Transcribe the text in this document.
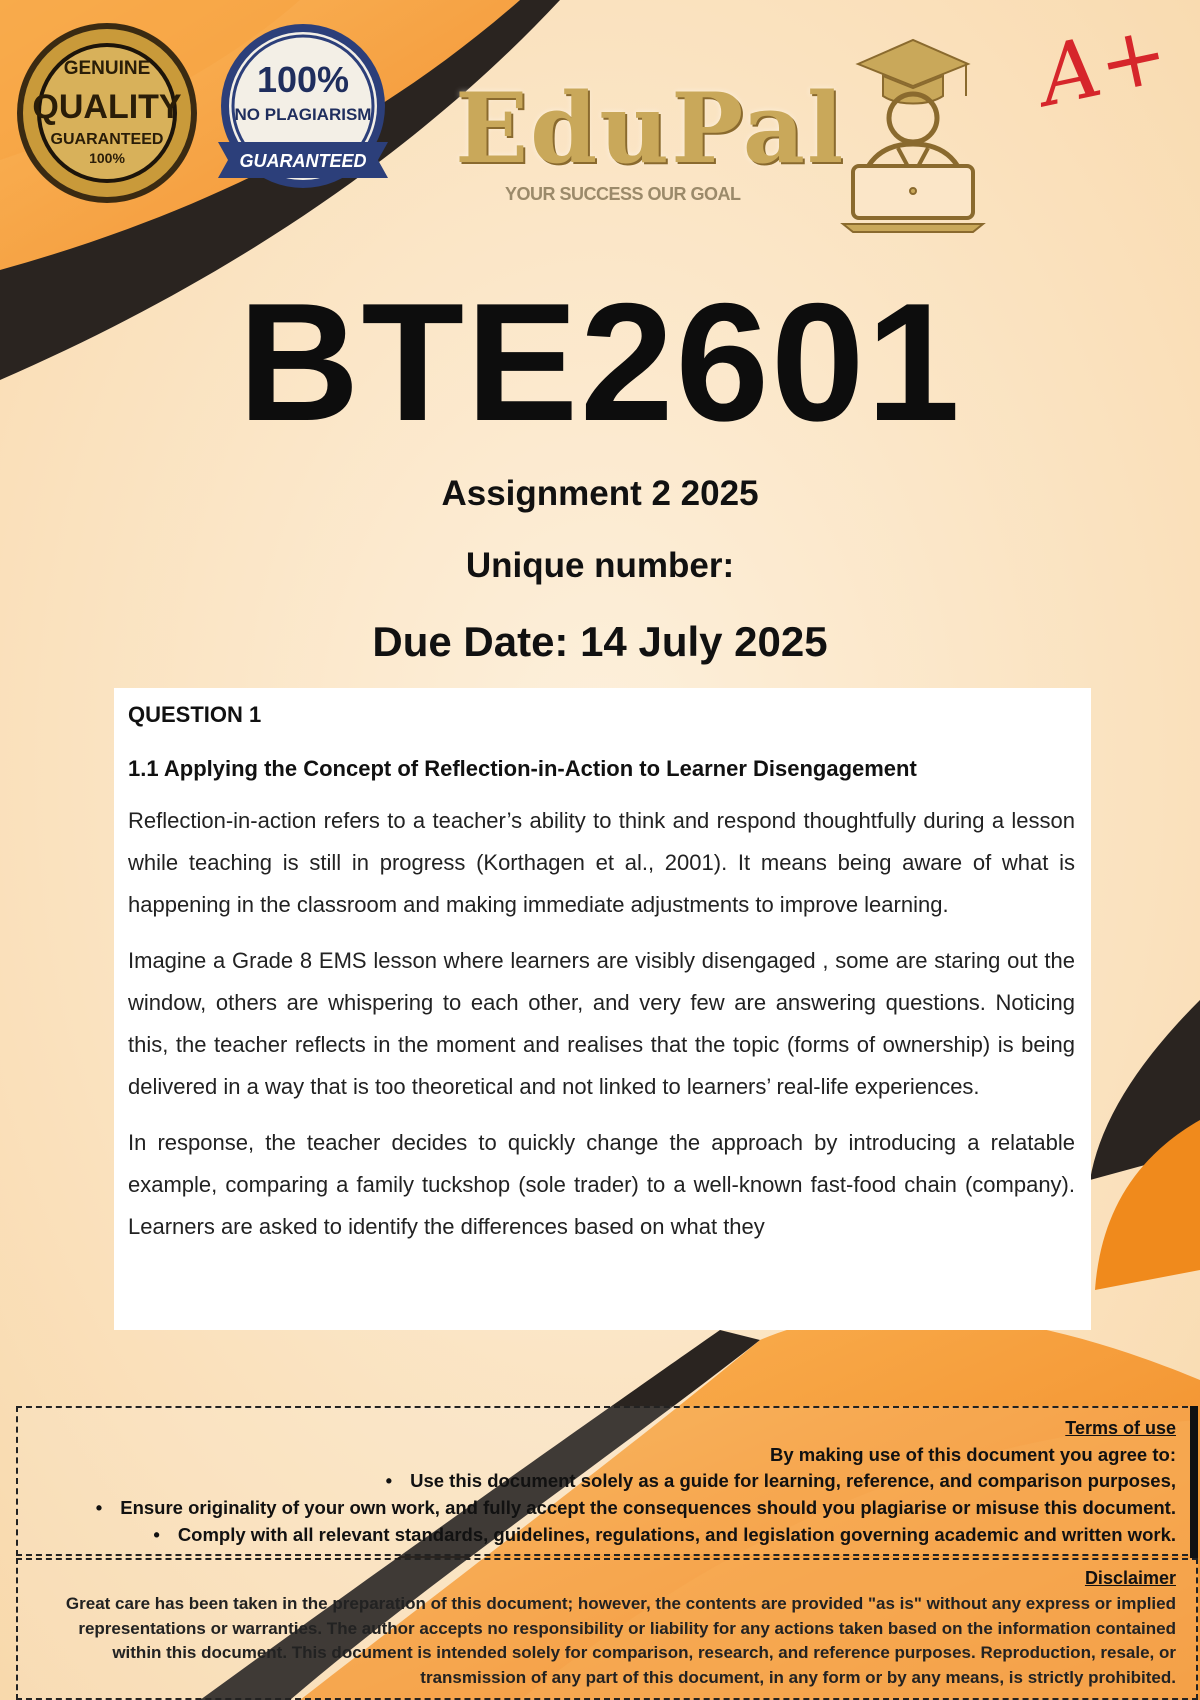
GENUINE
QUALITY
GUARANTEED
100%
100%
NO PLAGIARISM
GUARANTEED EduPal
YOUR SUCCESS OUR GOAL
A+
BTE2601
Assignment 2 2025
Unique number:
Due Date: 14 July 2025

QUESTION 1

1.1 Applying the Concept of Reflection-in-Action to Learner Disengagement

Reflection-in-action refers to a teacher’s ability to think and respond thoughtfully during a lesson while teaching is still in progress (Korthagen et al., 2001). It means being aware of what is happening in the classroom and making immediate adjustments to improve learning.

Imagine a Grade 8 EMS lesson where learners are visibly disengaged , some are staring out the window, others are whispering to each other, and very few are answering questions. Noticing this, the teacher reflects in the moment and realises that the topic (forms of ownership) is being delivered in a way that is too theoretical and not linked to learners’ real-life experiences.

In response, the teacher decides to quickly change the approach by introducing a relatable example, comparing a family tuckshop (sole trader) to a well-known fast-food chain (company). Learners are asked to identify the differences based on what they

Terms of use
By making use of this document you agree to:
• Use this document solely as a guide for learning, reference, and comparison purposes,
• Ensure originality of your own work, and fully accept the consequences should you plagiarise or misuse this document.
• Comply with all relevant standards, guidelines, regulations, and legislation governing academic and written work.
Disclaimer
Great care has been taken in the preparation of this document; however, the contents are provided "as is" without any express or implied representations or warranties. The author accepts no responsibility or liability for any actions taken based on the information contained within this document. This document is intended solely for comparison, research, and reference purposes. Reproduction, resale, or transmission of any part of this document, in any form or by any means, is strictly prohibited.
